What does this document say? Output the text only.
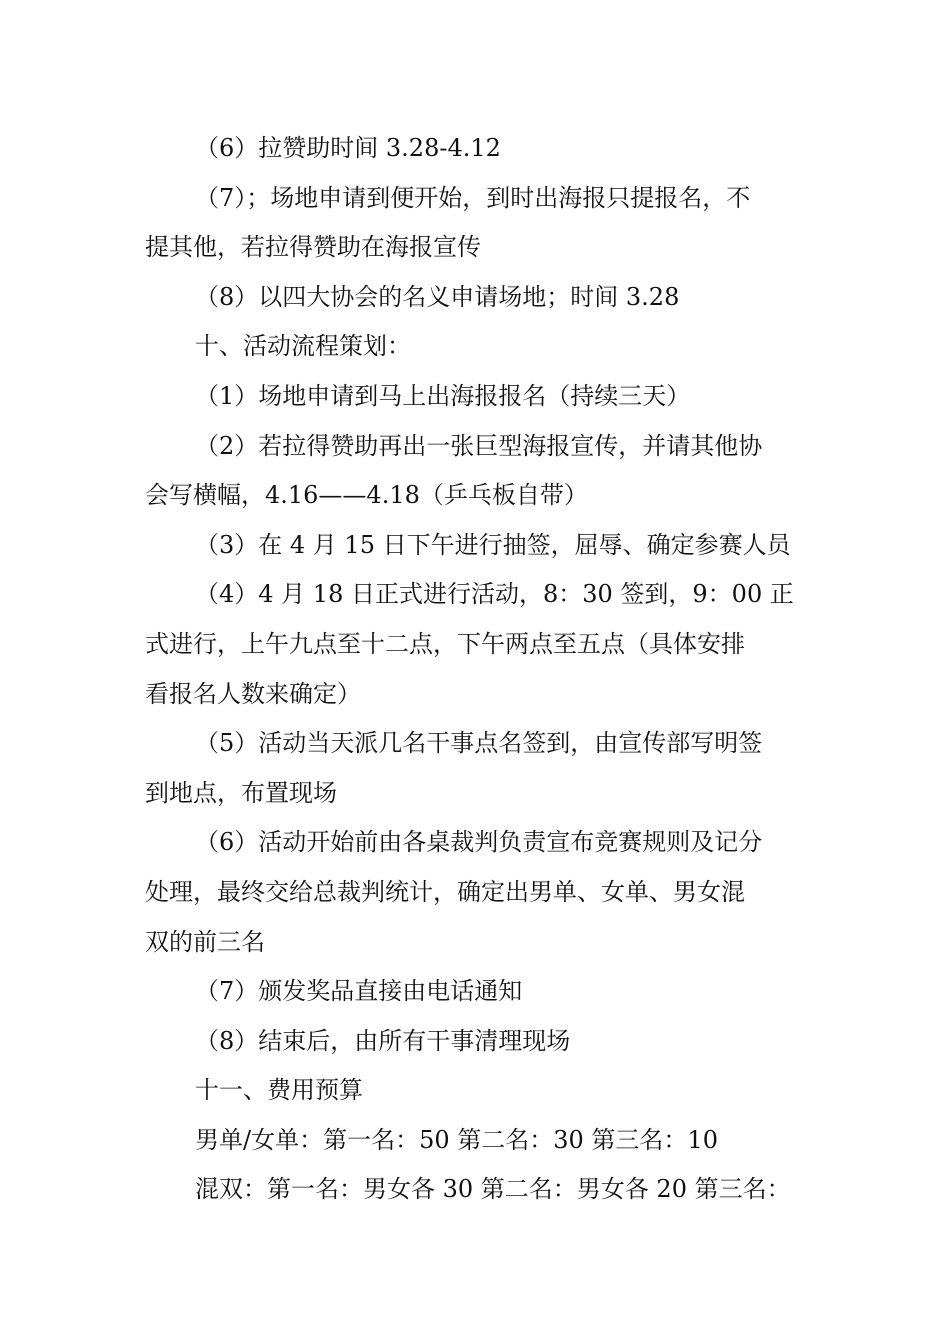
（6）拉赞助时间 3.28-4.12

（7）；场地申请到便开始，到时出海报只提报名，不

提其他，若拉得赞助在海报宣传

（8）以四大协会的名义申请场地；时间 3.28

十、活动流程策划：

（1）场地申请到马上出海报报名（持续三天）

（2）若拉得赞助再出一张巨型海报宣传，并请其他协

会写横幅，4.16——4.18（乒乓板自带）

（3）在 4 月 15 日下午进行抽签，屈辱、确定参赛人员

（4）4 月 18 日正式进行活动，8：30 签到，9：00 正

式进行，上午九点至十二点，下午两点至五点（具体安排

看报名人数来确定）

（5）活动当天派几名干事点名签到，由宣传部写明签

到地点，布置现场

（6）活动开始前由各桌裁判负责宣布竞赛规则及记分

处理，最终交给总裁判统计，确定出男单、女单、男女混

双的前三名

（7）颁发奖品直接由电话通知

（8）结束后，由所有干事清理现场

十一、费用预算

男单/女单：第一名：50 第二名：30 第三名：10

混双：第一名：男女各 30 第二名：男女各 20 第三名：
